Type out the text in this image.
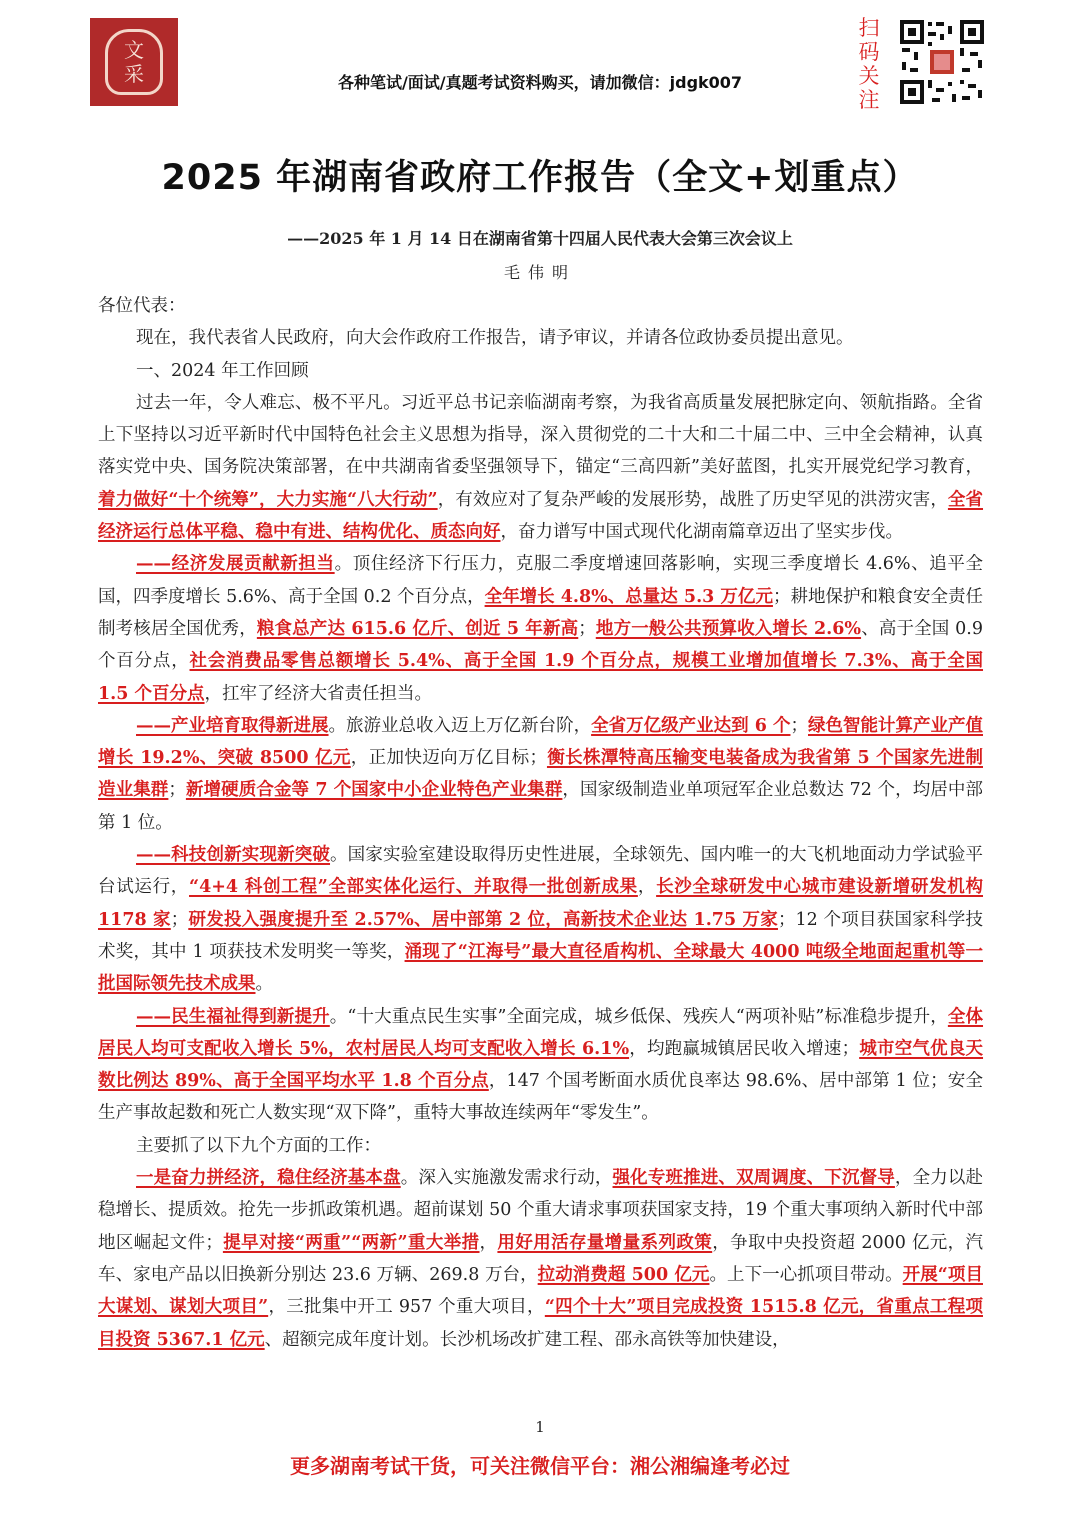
文
采	各种笔试/面试/真题考试资料购买，请加微信：jdgk007
扫
码
关
注
2025 年湖南省政府工作报告（全文+划重点）
——2025 年 1 月 14 日在湖南省第十四届人民代表大会第三次会议上
毛伟明

各位代表：

现在，我代表省人民政府，向大会作政府工作报告，请予审议，并请各位政协委员提出意见。

一、2024 年工作回顾

过去一年，令人难忘、极不平凡。习近平总书记亲临湖南考察，为我省高质量发展把脉定向、领航指路。全省上下坚持以习近平新时代中国特色社会主义思想为指导，深入贯彻党的二十大和二十届二中、三中全会精神，认真落实党中央、国务院决策部署，在中共湖南省委坚强领导下，锚定“三高四新”美好蓝图，扎实开展党纪学习教育，着力做好“十个统筹”，大力实施“八大行动”，有效应对了复杂严峻的发展形势，战胜了历史罕见的洪涝灾害，全省经济运行总体平稳、稳中有进、结构优化、质态向好，奋力谱写中国式现代化湖南篇章迈出了坚实步伐。

——经济发展贡献新担当。顶住经济下行压力，克服二季度增速回落影响，实现三季度增长 4.6%、追平全国，四季度增长 5.6%、高于全国 0.2 个百分点，全年增长 4.8%、总量达 5.3 万亿元；耕地保护和粮食安全责任制考核居全国优秀，粮食总产达 615.6 亿斤、创近 5 年新高；地方一般公共预算收入增长 2.6%、高于全国 0.9 个百分点，社会消费品零售总额增长 5.4%、高于全国 1.9 个百分点，规模工业增加值增长 7.3%、高于全国 1.5 个百分点，扛牢了经济大省责任担当。

——产业培育取得新进展。旅游业总收入迈上万亿新台阶，全省万亿级产业达到 6 个；绿色智能计算产业产值增长 19.2%、突破 8500 亿元，正加快迈向万亿目标；衡长株潭特高压输变电装备成为我省第 5 个国家先进制造业集群；新增硬质合金等 7 个国家中小企业特色产业集群，国家级制造业单项冠军企业总数达 72 个，均居中部第 1 位。

——科技创新实现新突破。国家实验室建设取得历史性进展，全球领先、国内唯一的大飞机地面动力学试验平台试运行，“4+4 科创工程”全部实体化运行、并取得一批创新成果，长沙全球研发中心城市建设新增研发机构 1178 家；研发投入强度提升至 2.57%、居中部第 2 位，高新技术企业达 1.75 万家；12 个项目获国家科学技术奖，其中 1 项获技术发明奖一等奖，涌现了“江海号”最大直径盾构机、全球最大 4000 吨级全地面起重机等一批国际领先技术成果。

——民生福祉得到新提升。“十大重点民生实事”全面完成，城乡低保、残疾人“两项补贴”标准稳步提升，全体居民人均可支配收入增长 5%，农村居民人均可支配收入增长 6.1%，均跑赢城镇居民收入增速；城市空气优良天数比例达 89%、高于全国平均水平 1.8 个百分点，147 个国考断面水质优良率达 98.6%、居中部第 1 位；安全生产事故起数和死亡人数实现“双下降”，重特大事故连续两年“零发生”。

主要抓了以下九个方面的工作：

一是奋力拼经济，稳住经济基本盘。深入实施激发需求行动，强化专班推进、双周调度、下沉督导，全力以赴稳增长、提质效。抢先一步抓政策机遇。超前谋划 50 个重大请求事项获国家支持，19 个重大事项纳入新时代中部地区崛起文件；提早对接“两重”“两新”重大举措，用好用活存量增量系列政策，争取中央投资超 2000 亿元，汽车、家电产品以旧换新分别达 23.6 万辆、269.8 万台，拉动消费超 500 亿元。上下一心抓项目带动。开展“项目大谋划、谋划大项目”，三批集中开工 957 个重大项目，“四个十大”项目完成投资 1515.8 亿元，省重点工程项目投资 5367.1 亿元、超额完成年度计划。长沙机场改扩建工程、邵永高铁等加快建设，

1
更多湖南考试干货，可关注微信平台：湘公湘编逢考必过
